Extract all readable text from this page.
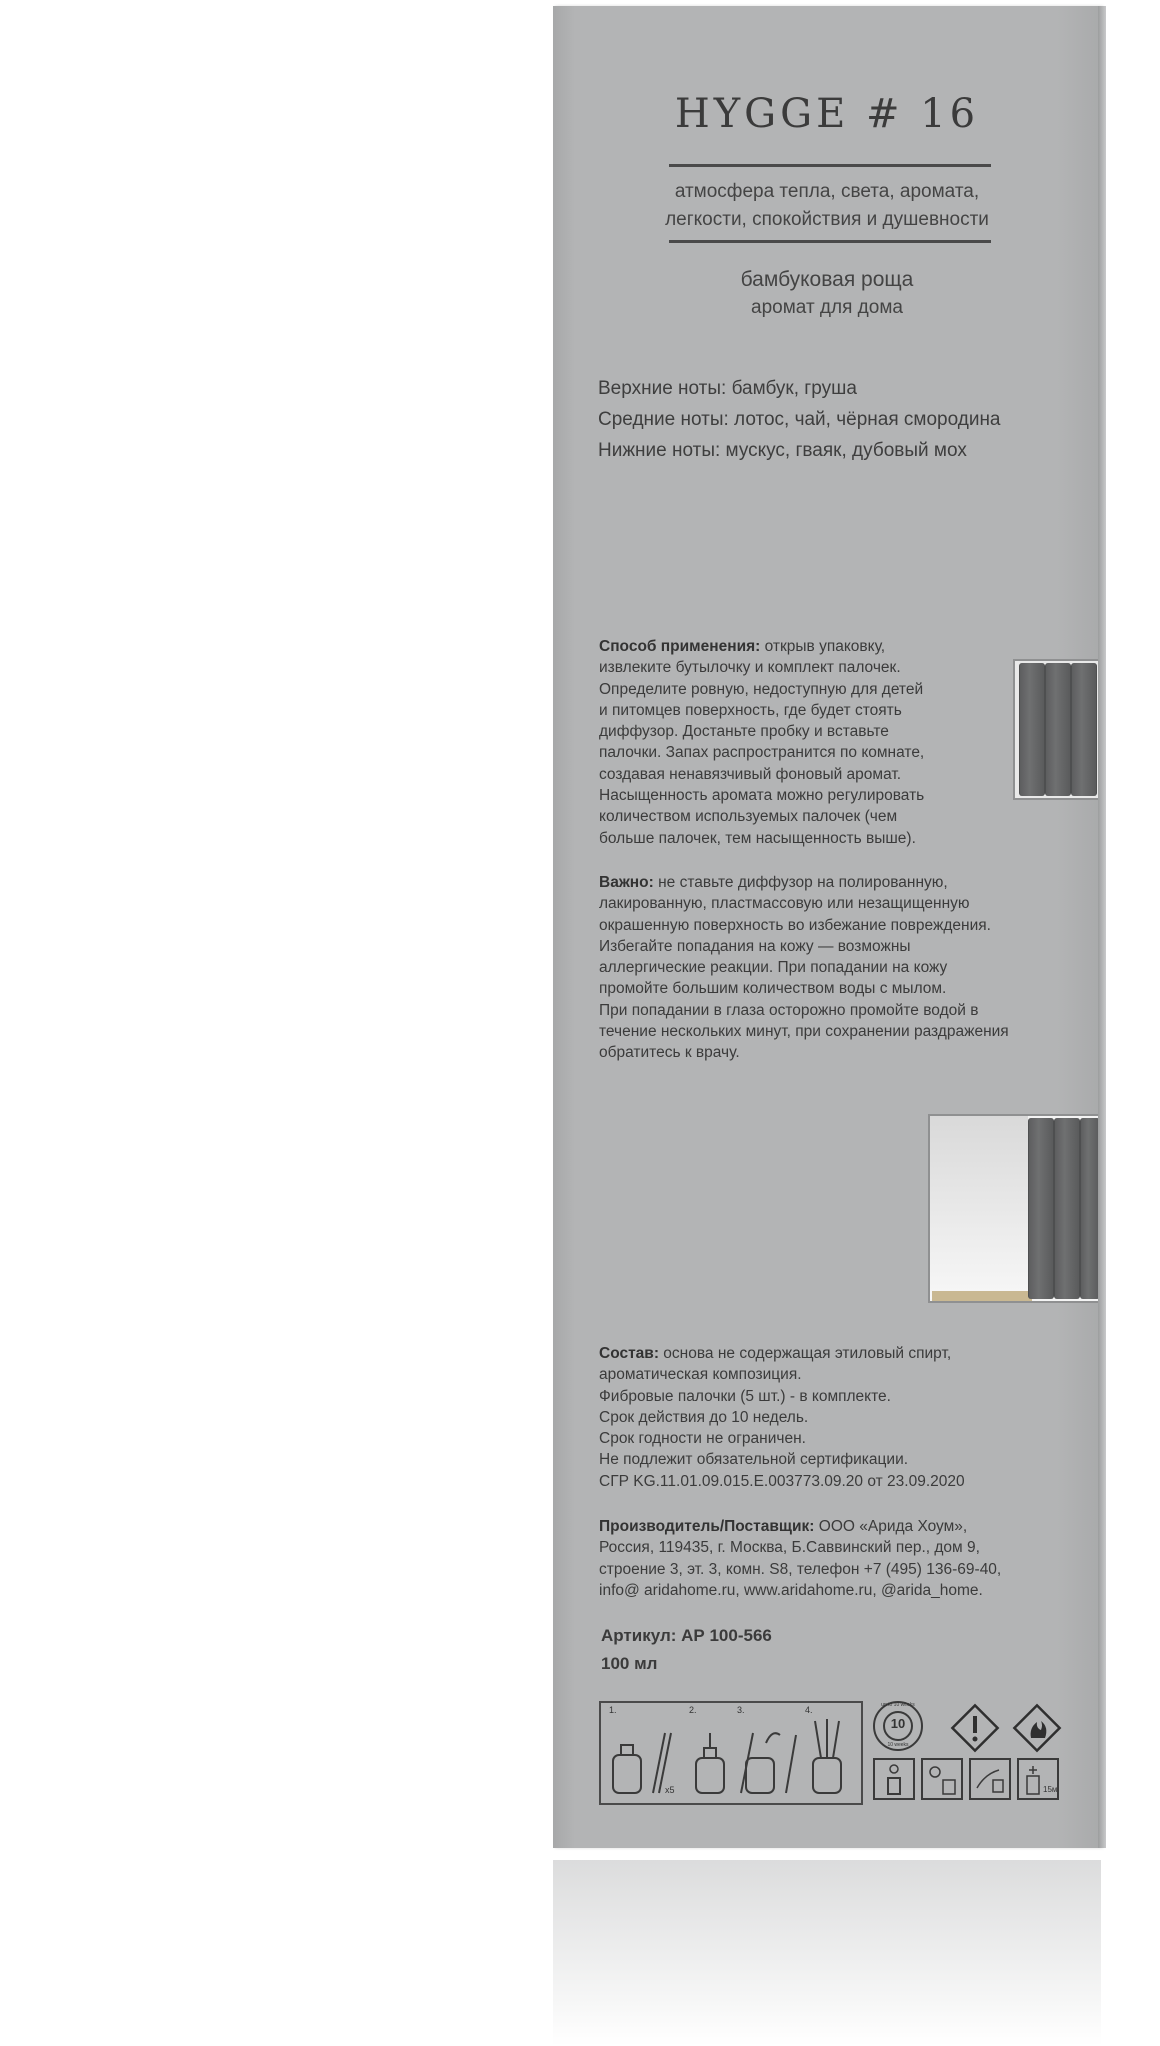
HYGGE # 16
атмосфера тепла, света, аромата,
легкости, спокойствия и душевности
бамбуковая роща
аромат для дома
Верхние ноты: бамбук, груша
Средние ноты: лотос, чай, чёрная смородина
Нижние ноты: мускус, гваяк, дубовый мох
Способ применения: открыв упаковку,
извлеките бутылочку и комплект палочек.
Определите ровную, недоступную для детей
и питомцев поверхность, где будет стоять
диффузор. Достаньте пробку и вставьте
палочки. Запах распространится по комнате,
создавая ненавязчивый фоновый аромат.
Насыщенность аромата можно регулировать
количеством используемых палочек (чем
больше палочек, тем насыщенность выше).
Важно: не ставьте диффузор на полированную,
лакированную, пластмассовую или незащищенную
окрашенную поверхность во избежание повреждения.
Избегайте попадания на кожу — возможны
аллергические реакции. При попадании на кожу
промойте большим количеством воды с мылом.
При попадании в глаза осторожно промойте водой в
течение нескольких минут, при сохранении раздражения
обратитесь к врачу.
Состав: основа не содержащая этиловый спирт,
ароматическая композиция.
Фибровые палочки (5 шт.) - в комплекте.
Срок действия до 10 недель.
Срок годности не ограничен.
Не подлежит обязательной сертификации.
СГР KG.11.01.09.015.Е.003773.09.20 от 23.09.2020
Производитель/Поставщик: ООО «Арида Хоум»,
Россия, 119435, г. Москва, Б.Саввинский пер., дом 9,
строение 3, эт. 3, комн. S8, телефон +7 (495) 136-69-40,
info@ aridahome.ru, www.aridahome.ru, @arida_home.
Артикул: АР 100-566
100 мл
1.	2.	3.	4.
x5
10
up to 10 weeks
10 weeks
15м
